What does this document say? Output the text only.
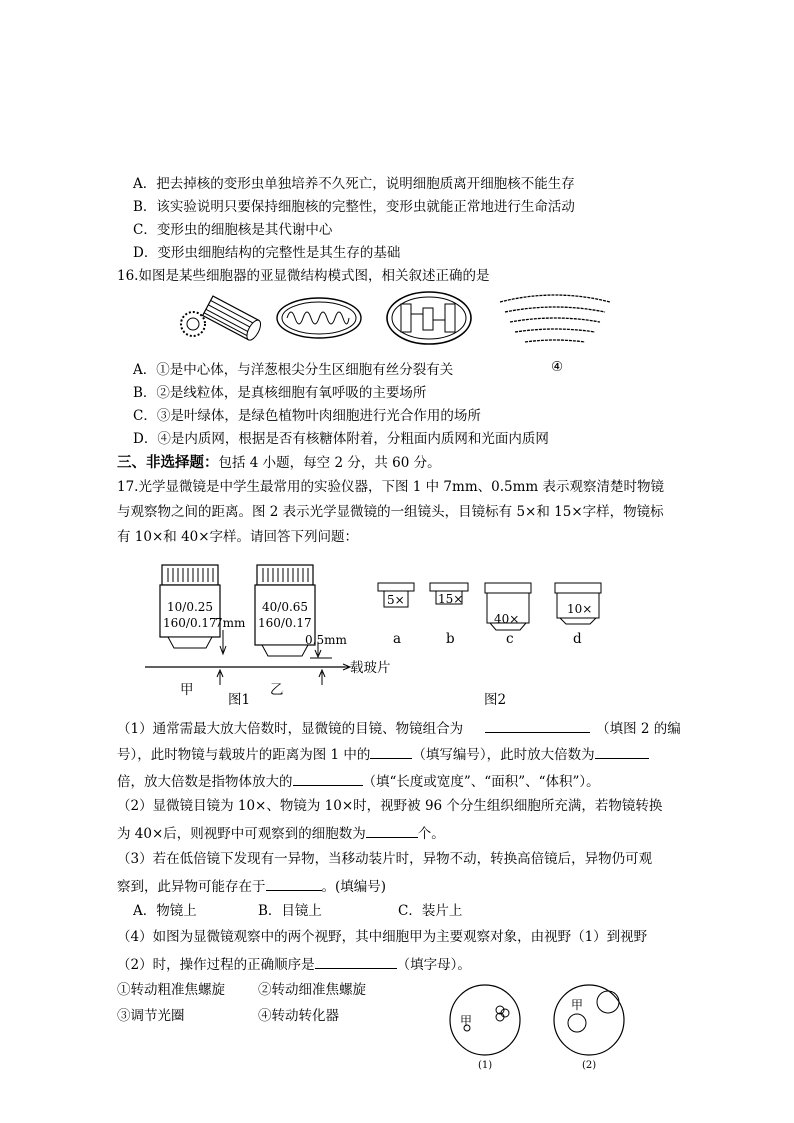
A．把去掉核的变形虫单独培养不久死亡，说明细胞质离开细胞核不能生存
B．该实验说明只要保持细胞核的完整性，变形虫就能正常地进行生命活动
C．变形虫的细胞核是其代谢中心
D．变形虫细胞结构的完整性是其生存的基础
16.如图是某些细胞器的亚显微结构模式图，相关叙述正确的是
④
A．①是中心体，与洋葱根尖分生区细胞有丝分裂有关
B．②是线粒体，是真核细胞有氧呼吸的主要场所
C．③是叶绿体，是绿色植物叶肉细胞进行光合作用的场所
D．④是内质网，根据是否有核糖体附着，分粗面内质网和光面内质网
三、非选择题：包括 4 小题，每空 2 分，共 60 分。
17.光学显微镜是中学生最常用的实验仪器，下图 1 中 7mm、0.5mm 表示观察清楚时物镜
与观察物之间的距离。图 2 表示光学显微镜的一组镜头，目镜标有 5×和 15×字样，物镜标
有 10×和 40×字样。请回答下列问题：
10/0.25
160/0.17
40/0.65
160/0.17
7mm
0.5mm
载玻片
甲	乙
图1
5×	15×
40×
10×
a	b	c	d
图2
（1）通常需最大放大倍数时，显微镜的目镜、物镜组合为	（填图 2 的编
号），此时物镜与载玻片的距离为图 1 中的	（填写编号），此时放大倍数为
倍，放大倍数是指物体放大的	（填“长度或宽度”、“面积”、“体积”）。
（2）显微镜目镜为 10×、物镜为 10×时，视野被 96 个分生组织细胞所充满，若物镜转换
为 40×后，则视野中可观察到的细胞数为	个。
（3）若在低倍镜下发现有一异物，当移动装片时，异物不动，转换高倍镜后，异物仍可观
察到，此异物可能存在于	。(填编号)
A．物镜上	B．目镜上	C．装片上
（4）如图为显微镜观察中的两个视野，其中细胞甲为主要观察对象，由视野（1）到视野
（2）时，操作过程的正确顺序是	（填字母）。
①转动粗准焦螺旋 ②转动细准焦螺旋
③调节光圈	④转动转化器	甲
甲
(1)	(2)
